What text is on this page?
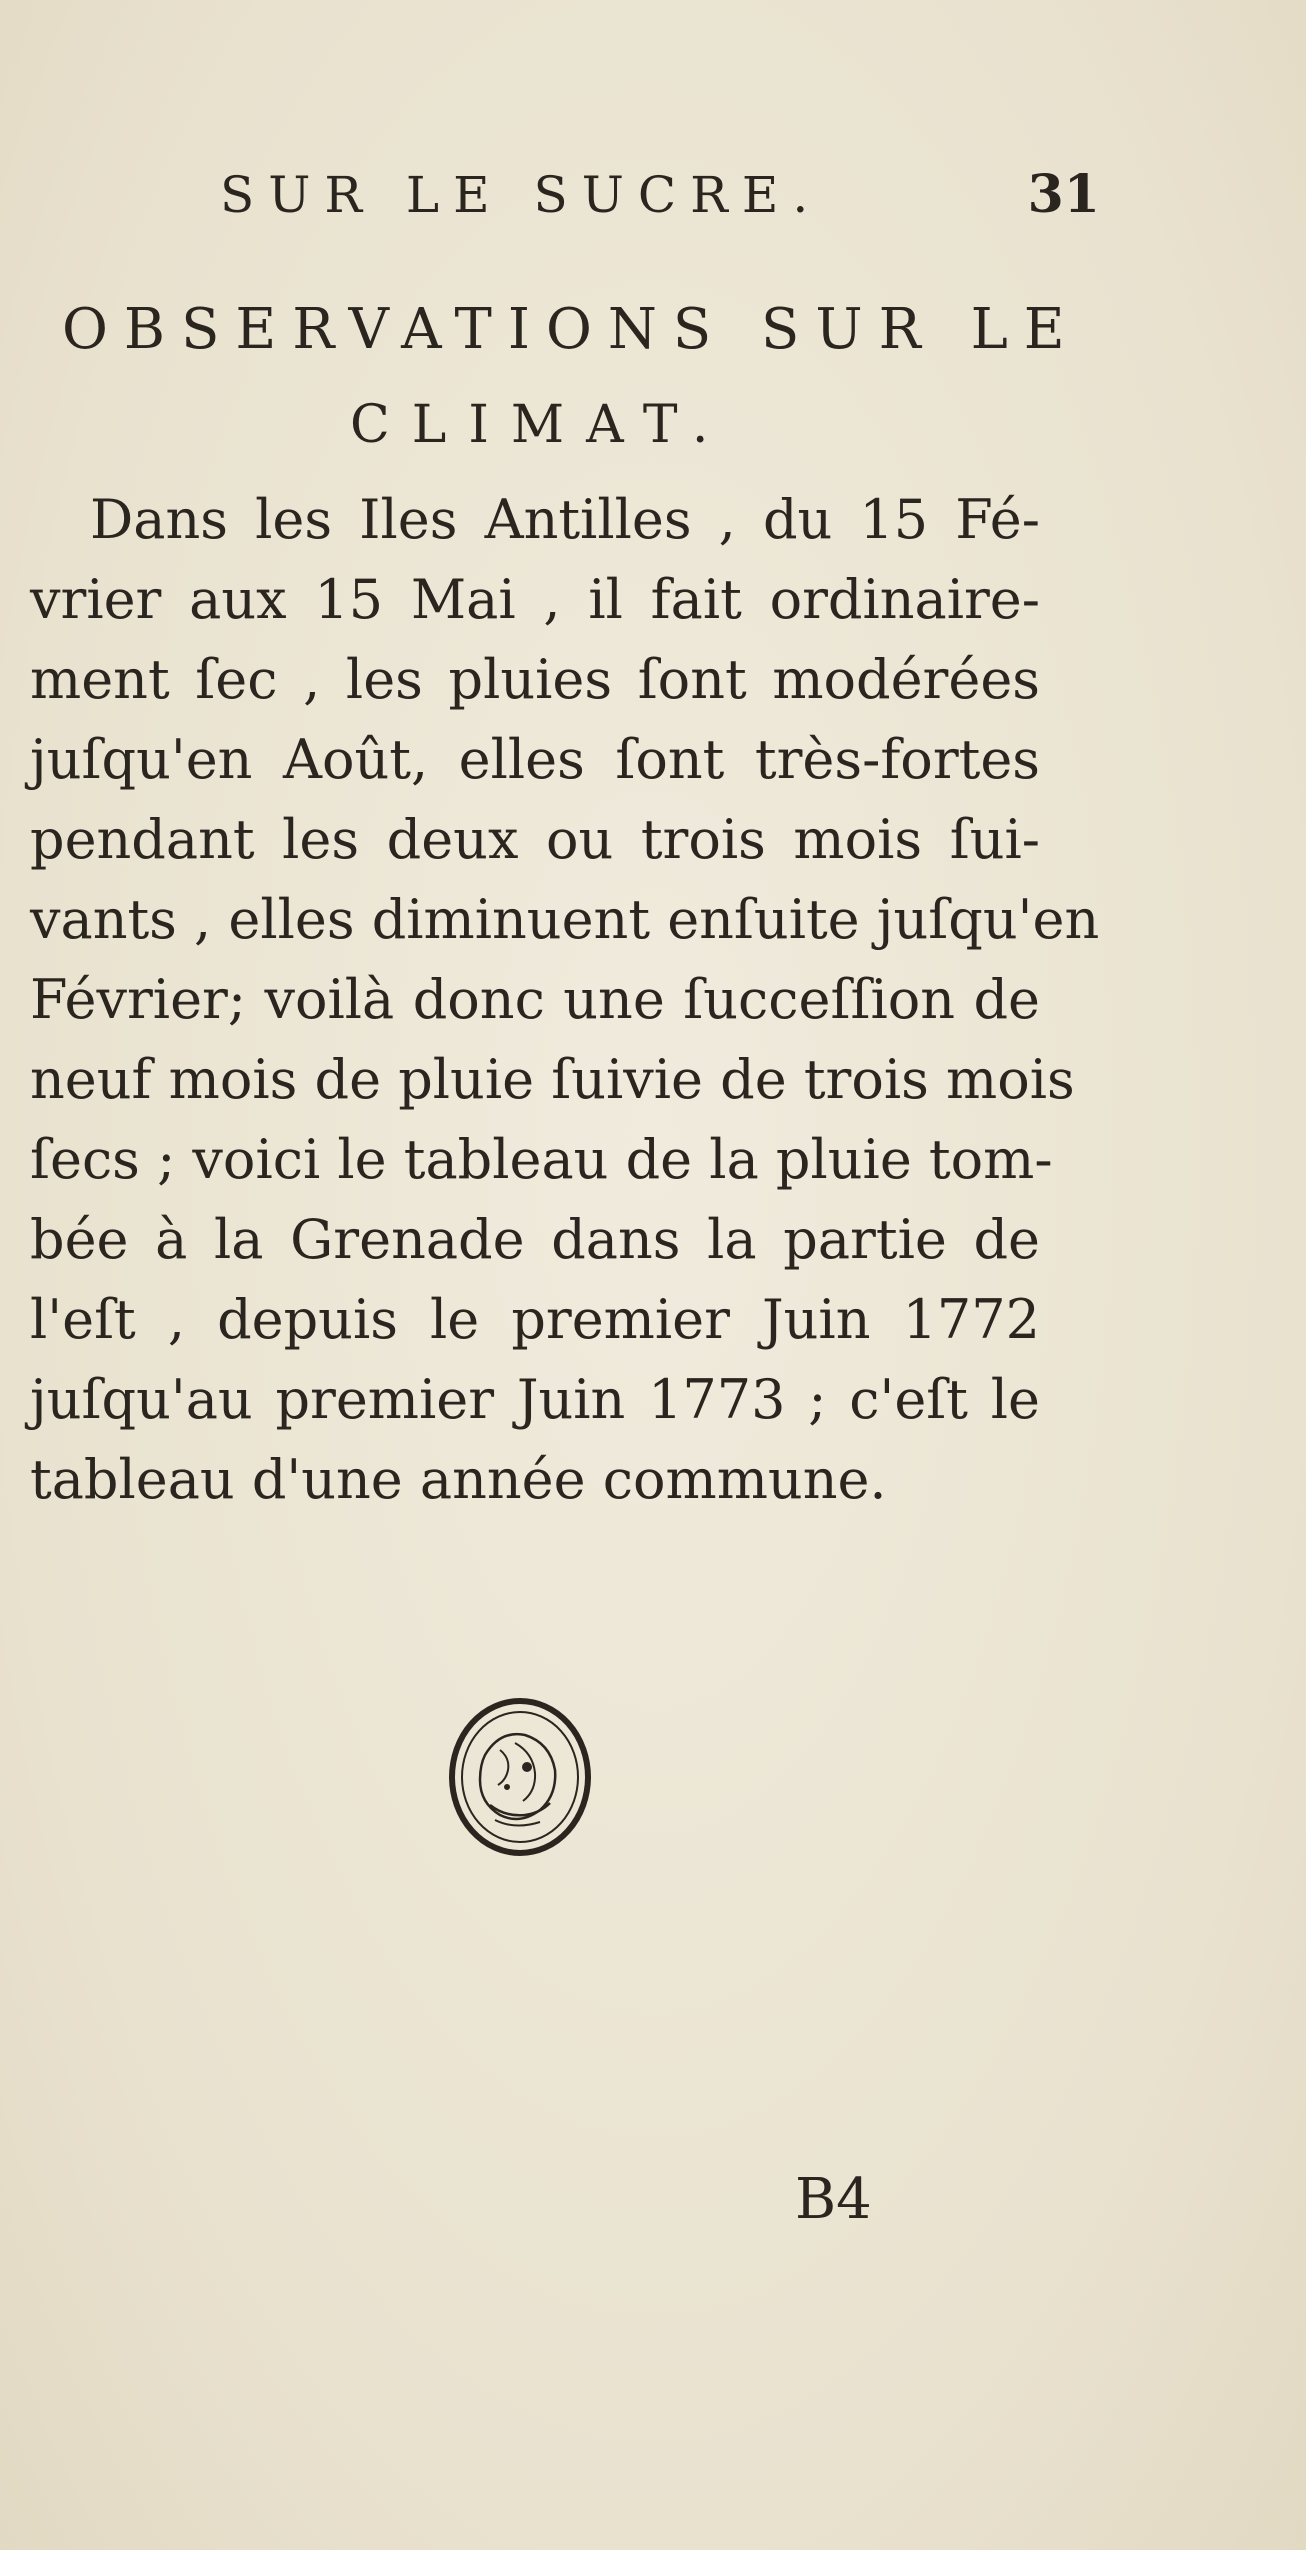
SUR LE SUCRE.	31
OBSERVATIONS SUR LE
CLIMAT.
Dans les Iles Antilles , du 15 Fé-
vrier aux 15 Mai , il fait ordinaire-
ment ſec , les pluies ſont modérées
juſqu'en Août, elles ſont très-fortes
pendant les deux ou trois mois ſui-
vants , elles diminuent enſuite juſqu'en
Février; voilà donc une ſucceſſion de
neuf mois de pluie ſuivie de trois mois
ſecs ; voici le tableau de la pluie tom-
bée à la Grenade dans la partie de
l'eſt , depuis le premier Juin 1772
juſqu'au premier Juin 1773 ; c'eſt le
tableau d'une année commune.
B4
